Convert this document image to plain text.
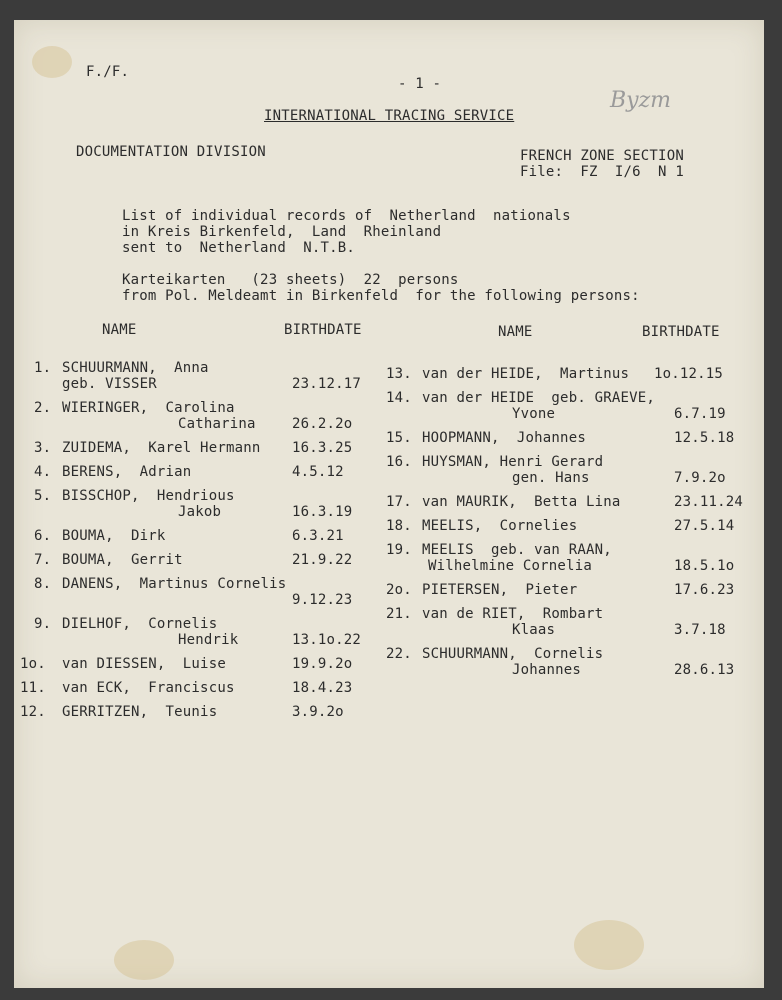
F./F.
- 1 -
INTERNATIONAL TRACING SERVICE
Byzm
DOCUMENTATION DIVISION	FRENCH ZONE SECTION
File:  FZ  I/6  N 1
List of individual records of  Netherland  nationals
in Kreis Birkenfeld,  Land  Rheinland
sent to  Netherland  N.T.B.
Karteikarten   (23 sheets)  22  persons
from Pol. Meldeamt in Birkenfeld  for the following persons:
NAME	BIRTHDATE	NAME	BIRTHDATE
1. SCHUURMANN,  Anna
geb. VISSER	23.12.17
2. WIERINGER,  Carolina
Catharina	26.2.2o
3. ZUIDEMA,  Karel Hermann 16.3.25
4. BERENS,  Adrian	4.5.12
5. BISSCHOP,  Hendrious
Jakob	16.3.19
6. BOUMA,  Dirk	6.3.21
7. BOUMA,  Gerrit	21.9.22
8. DANENS,  Martinus Cornelis
9.12.23
9. DIELHOF,  Cornelis
Hendrik	13.1o.22
1o. van DIESSEN,  Luise	19.9.2o
11. van ECK,  Franciscus	18.4.23
12. GERRITZEN,  Teunis	3.9.2o
13. van der HEIDE,  Martinus 1o.12.15
14. van der HEIDE  geb. GRAEVE,
Yvone	6.7.19
15. HOOPMANN,  Johannes	12.5.18
16. HUYSMAN, Henri Gerard
gen. Hans	7.9.2o
17. van MAURIK,  Betta Lina	23.11.24
18. MEELIS,  Cornelies	27.5.14
19. MEELIS  geb. van RAAN,
Wilhelmine Cornelia	18.5.1o
2o. PIETERSEN,  Pieter	17.6.23
21. van de RIET,  Rombart
Klaas	3.7.18
22. SCHUURMANN,  Cornelis
Johannes	28.6.13
